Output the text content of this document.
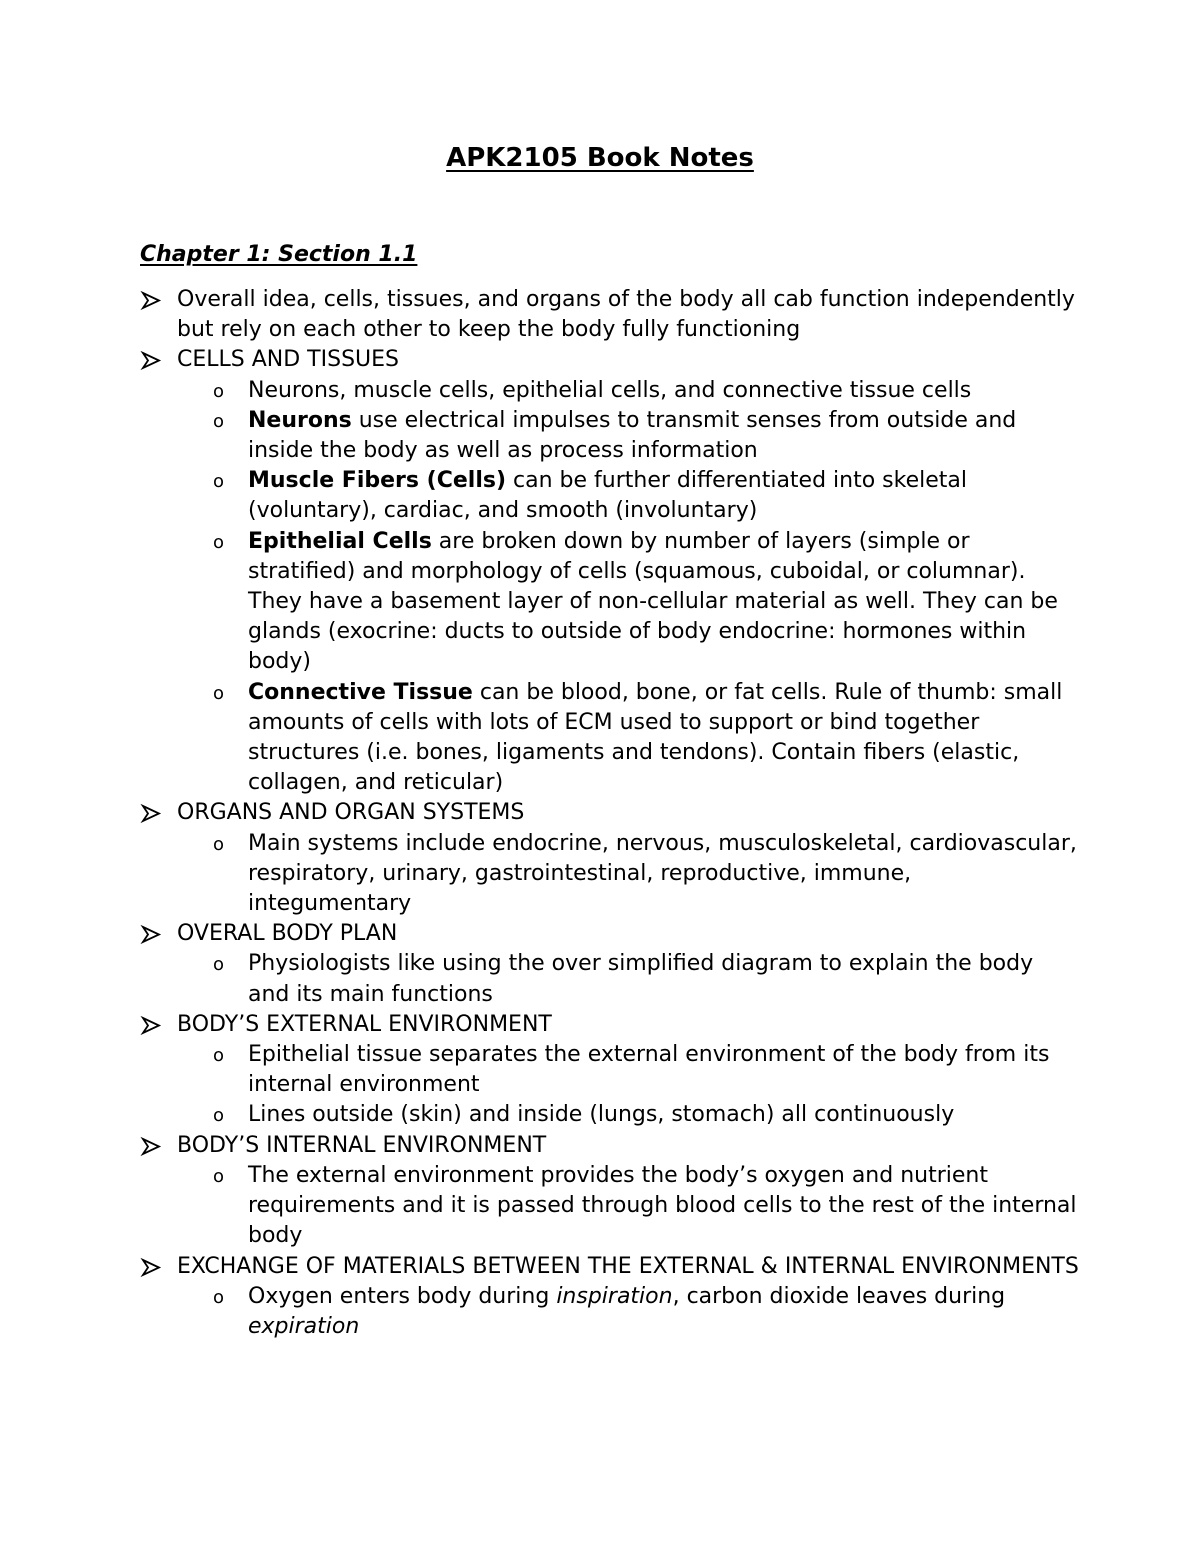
APK2105 Book Notes
Chapter 1: Section 1.1
Overall idea, cells, tissues, and organs of the body all cab function independently but rely on each other to keep the body fully functioning
CELLS AND TISSUES
o Neurons, muscle cells, epithelial cells, and connective tissue cells
o Neurons use electrical impulses to transmit senses from outside and inside the body as well as process information
o Muscle Fibers (Cells) can be further differentiated into skeletal (voluntary), cardiac, and smooth (involuntary)
o Epithelial Cells are broken down by number of layers (simple or stratified) and morphology of cells (squamous, cuboidal, or columnar). They have a basement layer of non-cellular material as well. They can be glands (exocrine: ducts to outside of body endocrine: hormones within body)
o Connective Tissue can be blood, bone, or fat cells. Rule of thumb: small amounts of cells with lots of ECM used to support or bind together structures (i.e. bones, ligaments and tendons). Contain fibers (elastic, collagen, and reticular)
ORGANS AND ORGAN SYSTEMS
o Main systems include endocrine, nervous, musculoskeletal, cardiovascular, respiratory, urinary, gastrointestinal, reproductive, immune, integumentary
OVERAL BODY PLAN
o Physiologists like using the over simplified diagram to explain the body and its main functions
BODY’S EXTERNAL ENVIRONMENT
o Epithelial tissue separates the external environment of the body from its internal environment
o Lines outside (skin) and inside (lungs, stomach) all continuously
BODY’S INTERNAL ENVIRONMENT
o The external environment provides the body’s oxygen and nutrient requirements and it is passed through blood cells to the rest of the internal body
EXCHANGE OF MATERIALS BETWEEN THE EXTERNAL & INTERNAL ENVIRONMENTS
o Oxygen enters body during inspiration, carbon dioxide leaves during expiration
